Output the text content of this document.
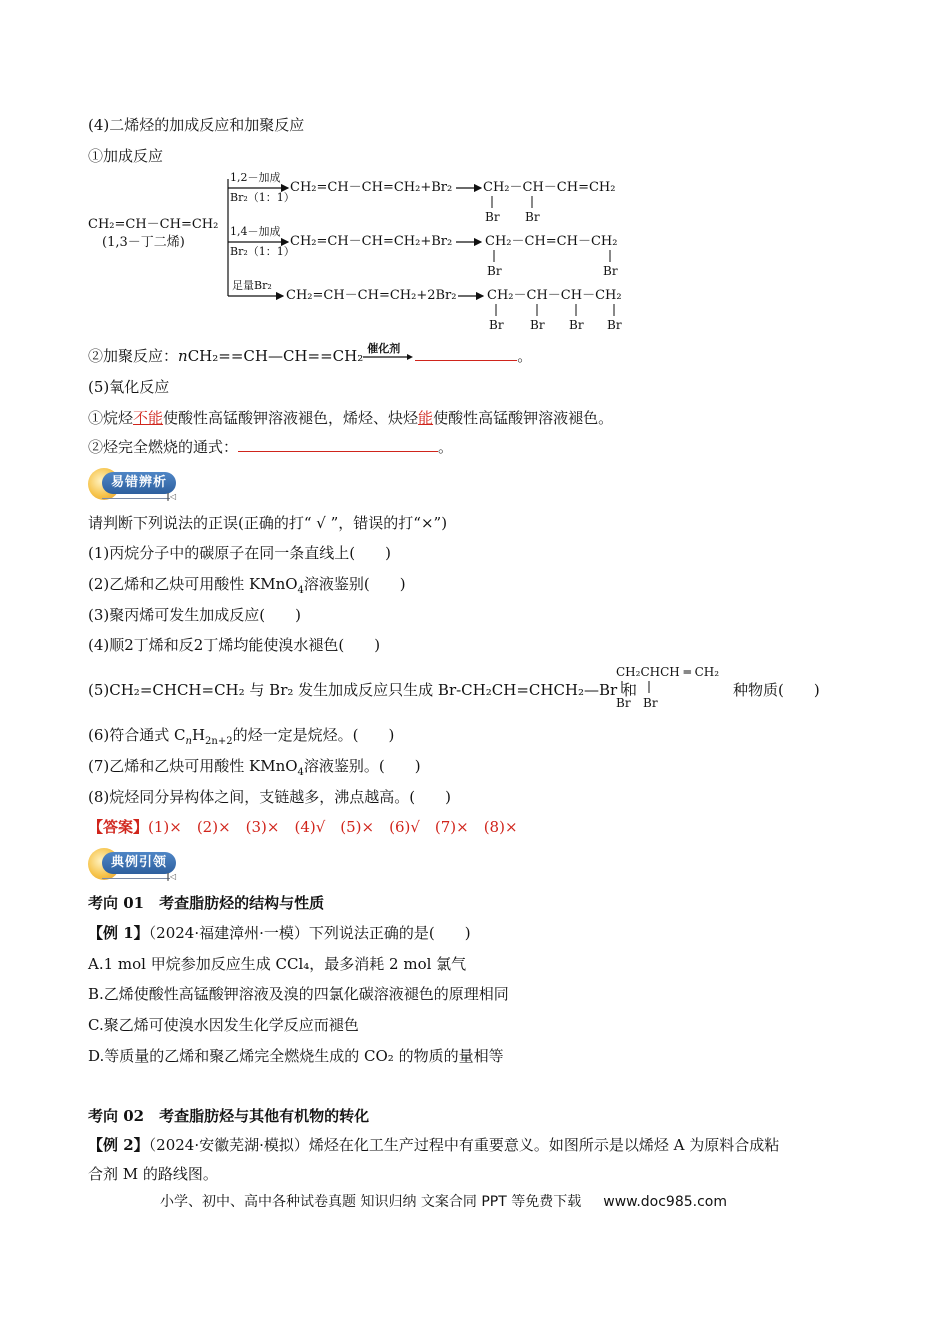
(4)二烯烃的加成反应和加聚反应
①加成反应
CH₂=CH－CH=CH₂
(1,3－丁二烯)
1,2－加成
Br₂（1：1）
CH₂=CH－CH=CH₂+Br₂ CH₂－CH－CH=CH₂
Br Br
1,4－加成
Br₂（1：1）
CH₂=CH－CH=CH₂+Br₂	CH₂－CH=CH－CH₂
Br	Br
足量Br₂
CH₂=CH－CH=CH₂+2Br₂ CH₂－CH－CH－CH₂
Br Br Br Br
②加聚反应：nCH₂==CH—CH==CH₂ 催化剂	。
(5)氧化反应
①烷烃不能使酸性高锰酸钾溶液褪色，烯烃、炔烃能使酸性高锰酸钾溶液褪色。
②烃完全燃烧的通式：	。
易错辨析
∥◁
请判断下列说法的正误(正确的打“ √ ”，错误的打“×”)
(1)丙烷分子中的碳原子在同一条直线上(　　)
(2)乙烯和乙炔可用酸性 KMnO$_4$溶液鉴别(　　)
(3)聚丙烯可发生加成反应(　　)
(4)顺2丁烯和反2丁烯均能使溴水褪色(　　)
(5)CH₂=CHCH=CH₂ 与 Br₂ 发生加成反应只生成 Br-CH₂CH=CHCH₂—Br 和
CH₂CHCH ═ CH₂
Br Br
种物质(　　)
(6)符合通式 $C_nH_{2n+2}$的烃一定是烷烃。(　　)
(7)乙烯和乙炔可用酸性 KMnO$_4$溶液鉴别。(　　)
(8)烷烃同分异构体之间，支链越多，沸点越高。(　　)
【答案】(1)×　(2)×　(3)×　(4)√　(5)×　(6)√　(7)×　(8)×
典例引领
∥◁
考向 01　考查脂肪烃的结构与性质
【例 1】（2024·福建漳州·一模）下列说法正确的是(　　)
A.1 mol 甲烷参加反应生成 CCl₄，最多消耗 2 mol 氯气
B.乙烯使酸性高锰酸钾溶液及溴的四氯化碳溶液褪色的原理相同
C.聚乙烯可使溴水因发生化学反应而褪色
D.等质量的乙烯和聚乙烯完全燃烧生成的 CO₂ 的物质的量相等
考向 02　考查脂肪烃与其他有机物的转化
【例 2】（2024·安徽芜湖·模拟）烯烃在化工生产过程中有重要意义。如图所示是以烯烃 A 为原料合成粘
合剂 M 的路线图。
小学、初中、高中各种试卷真题 知识归纳 文案合同 PPT 等免费下载 www.doc985.com
